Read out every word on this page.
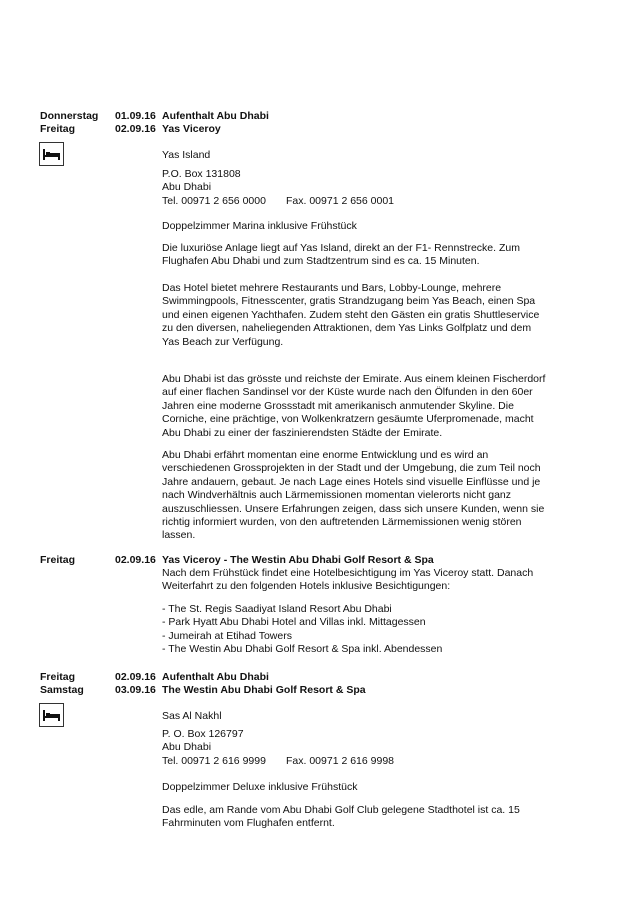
Donnerstag 01.09.16 Aufenthalt Abu Dhabi
Freitag	02.09.16 Yas Viceroy
Yas Island
P.O. Box 131808
Abu Dhabi
Tel. 00971 2 656 0000 Fax. 00971 2 656 0001
Doppelzimmer Marina inklusive Frühstück
Die luxuriöse Anlage liegt auf Yas Island, direkt an der F1- Rennstrecke. Zum
Flughafen Abu Dhabi und zum Stadtzentrum sind es ca. 15 Minuten.
Das Hotel bietet mehrere Restaurants und Bars, Lobby-Lounge, mehrere
Swimmingpools, Fitnesscenter, gratis Strandzugang beim Yas Beach, einen Spa
und einen eigenen Yachthafen. Zudem steht den Gästen ein gratis Shuttleservice
zu den diversen, naheliegenden Attraktionen, dem Yas Links Golfplatz und dem
Yas Beach zur Verfügung.
Abu Dhabi ist das grösste und reichste der Emirate. Aus einem kleinen Fischerdorf
auf einer flachen Sandinsel vor der Küste wurde nach den Ölfunden in den 60er
Jahren eine moderne Grossstadt mit amerikanisch anmutender Skyline. Die
Corniche, eine prächtige, von Wolkenkratzern gesäumte Uferpromenade, macht
Abu Dhabi zu einer der faszinierendsten Städte der Emirate.
Abu Dhabi erfährt momentan eine enorme Entwicklung und es wird an
verschiedenen Grossprojekten in der Stadt und der Umgebung, die zum Teil noch
Jahre andauern, gebaut. Je nach Lage eines Hotels sind visuelle Einflüsse und je
nach Windverhältnis auch Lärmemissionen momentan vielerorts nicht ganz
auszuschliessen. Unsere Erfahrungen zeigen, dass sich unsere Kunden, wenn sie
richtig informiert wurden, von den auftretenden Lärmemissionen wenig stören
lassen.
Freitag	02.09.16 Yas Viceroy - The Westin Abu Dhabi Golf Resort & Spa
Nach dem Frühstück findet eine Hotelbesichtigung im Yas Viceroy statt. Danach
Weiterfahrt zu den folgenden Hotels inklusive Besichtigungen:
- The St. Regis Saadiyat Island Resort Abu Dhabi
- Park Hyatt Abu Dhabi Hotel and Villas inkl. Mittagessen
- Jumeirah at Etihad Towers
- The Westin Abu Dhabi Golf Resort & Spa inkl. Abendessen
Freitag	02.09.16 Aufenthalt Abu Dhabi
Samstag	03.09.16 The Westin Abu Dhabi Golf Resort & Spa
Sas Al Nakhl
P. O. Box 126797
Abu Dhabi
Tel. 00971 2 616 9999 Fax. 00971 2 616 9998
Doppelzimmer Deluxe inklusive Frühstück
Das edle, am Rande vom Abu Dhabi Golf Club gelegene Stadthotel ist ca. 15
Fahrminuten vom Flughafen entfernt.
